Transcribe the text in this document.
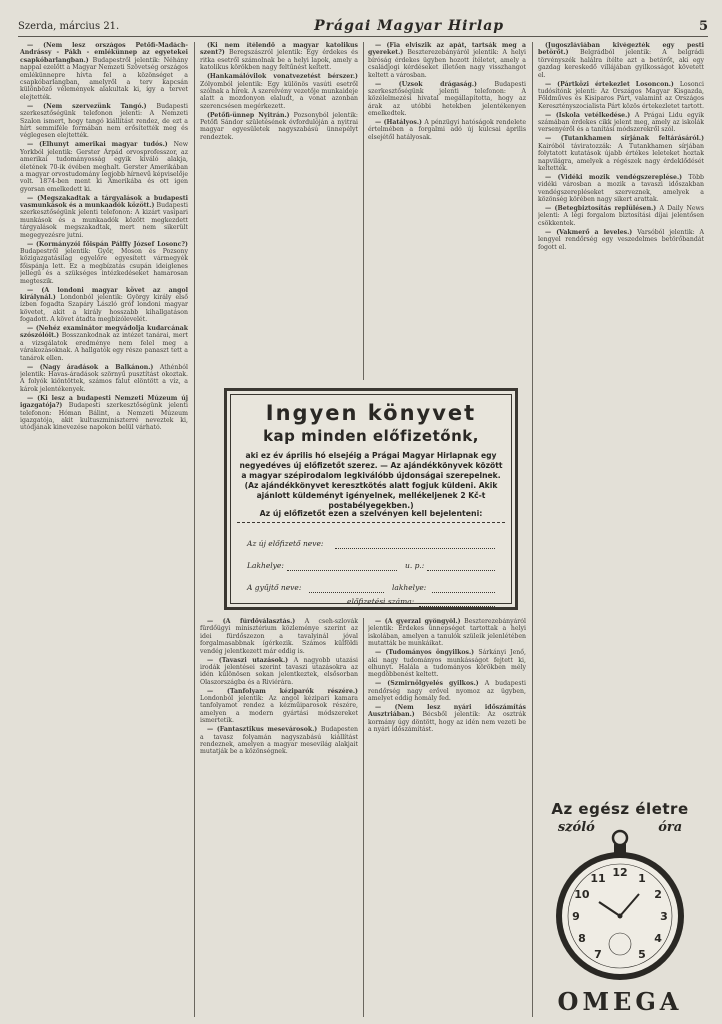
Szerda, március 21.	Prágai Magyar Hirlap	5

— (Nem lesz országos Petőfi-Madách-Andrássy - Pákh - emlékünnep az egyetekei csapkóbarlangban.) Budapestről jelentik: Néhány nappal ezelőtt a Magyar Nemzeti Szövetség országos emlékünnepre hívta fel a közönséget a csapkóbarlangban, amelyről a terv kapcsán különböző vélemények alakultak ki, így a tervet elejtették.

— (Nem szervezünk Tangó.) Budapesti szerkesztőségünk telefonon jelenti: A Nemzeti Szalon ismert, hogy tangó kiállítást rendez, de ezt a hírt semmiféle formában nem erősítették meg és véglegesen elejtették.

— (Elhunyt amerikai magyar tudós.) New Yorkból jelentik: Gerster Árpád orvosprofesszor, az amerikai tudományosság egyik kiváló alakja, életének 70-ik évében meghalt. Gerster Amerikában a magyar orvostudomány legjobb hírnevű képviselője volt. 1874-ben ment ki Amerikába és ott igen gyorsan emelkedett ki.

— (Megszakadtak a tárgyalások a budapesti vasmunkások és a munkaadók között.) Budapesti szerkesztőségünk jelenti telefonon: A kizárt vasipari munkások és a munkaadók között megkezdett tárgyalások megszakadtak, mert nem sikerült megegyezésre jutni.

— (Kormányzói főispán Pálffy József Losonc?) Budapestről jelentik: Győr, Moson és Pozsony közigazgatásilag egyelőre egyesített vármegyék főispánja lett. Ez a megbízatás csupán ideiglenes jellegű és a szükséges intézkedéseket hamarosan megteszik.

— (A londoni magyar követ az angol királynál.) Londonból jelentik: György király első ízben fogadta Szapáry László gróf londoni magyar követet, akit a király hosszabb kihallgatáson fogadott. A követ átadta megbízólevelét.

— (Nehéz examinátor megvádolja kudarcának szószólóit.) Bosszankodnak az intézet tanárai, mert a vizsgálatok eredménye nem felel meg a várakozásoknak. A hallgatók egy része panaszt tett a tanárok ellen.

— (Nagy áradások a Balkánon.) Athénból jelentik: Havas-áradások szörnyű pusztítást okoztak. A folyók kiöntöttek, számos falut elöntött a víz, a károk jelentékenyek.

— (Ki lesz a budapesti Nemzeti Múzeum új igazgatója?) Budapesti szerkesztőségünk jelenti telefonon: Hóman Bálint, a Nemzeti Múzeum igazgatója, akit kultuszminiszterré neveztek ki, utódjának kinevezése napokon belül várható.

(Ki nem ítélendő a magyar katolikus szent?) Beregszászról jelentik: Egy érdekes és ritka esetről számolnak be a helyi lapok, amely a katolikus körökben nagy feltűnést keltett.

(Hankamálóvilok vonatvezetést bérszer.) Zólyomból jelentik: Egy különös vasúti esetről szólnak a hírek. A szerelvény vezetője munkaideje alatt a mozdonyon elaludt, a vonat azonban szerencsésen megérkezett.

(Petőfi-ünnep Nyitrán.) Pozsonyból jelentik: Petőfi Sándor születésének évfordulóján a nyitrai magyar egyesületek nagyszabású ünnepélyt rendeztek.

— (Fia elviszik az apát, tartsák meg a gyereket.) Beszterezebányáról jelentik: A helyi bíróság érdekes ügyben hozott ítéletet, amely a családjogi kérdéseket illetően nagy visszhangot keltett a városban.

— (Uzsok drágaság.) Budapesti szerkesztőségünk jelenti telefonon: A közélelmezési hivatal megállapította, hogy az árak az utóbbi hetekben jelentékenyen emelkedtek.

— (Hatályos.) A pénzügyi hatóságok rendelete értelmében a forgalmi adó új kulcsai április elsejétől hatályosak.

(Jugoszláviában kivégezték egy pesti betörőt.) Belgrádból jelentik: A belgrádi törvényszék halálra ítélte azt a betörőt, aki egy gazdag kereskedő villájában gyilkosságot követett el.

— (Pártközi értekezlet Losoncon.) Losonci tudósítónk jelenti: Az Országos Magyar Kisgazda, Földműves és Kisiparos Párt, valamint az Országos Keresztényszocialista Párt közös értekezletet tartott.

— (Iskola vetélkedése.) A Prágai Lidu egyik számában érdekes cikk jelent meg, amely az iskolák versenyéről és a tanítási módszerekről szól.

— (Tutankhamen sírjának feltárásáról.) Kairóból táviratozzák: A Tutankhamen sírjában folytatott kutatások újabb értékes leleteket hoztak napvilágra, amelyek a régészek nagy érdeklődését keltették.

— (Vidéki mozik vendégszereplése.) Több vidéki városban a mozik a tavaszi időszakban vendégszerepléseket szerveznek, amelyek a közönség körében nagy sikert arattak.

— (Betegbiztosítás replülésen.) A Daily News jelenti: A légi forgalom biztosítási díjai jelentősen csökkentek.

— (Vakmerő a leveles.) Varsóból jelentik: A lengyel rendőrség egy veszedelmes betörőbandát fogott el.

— (A fürdőválasztás.) A cseh-szlovák fürdőügyi minisztérium közleménye szerint az idei fürdőszezon a tavalyinál jóval forgalmasabbnak ígérkezik. Számos külföldi vendég jelentkezett már eddig is.

— (Tavaszi utazások.) A nagyobb utazási irodák jelentései szerint tavaszi utazásokra az idén különösen sokan jelentkeztek, elsősorban Olaszországba és a Riviérára.

— (Tanfolyam kéziparók részére.) Londonból jelentik: Az angol kézipari kamara tanfolyamot rendez a kézműiparosok részére, amelyen a modern gyártási módszereket ismertetik.

— (Fantasztikus mesevárosok.) Budapesten a tavasz folyamán nagyszabású kiállítást rendeznek, amelyen a magyar mesevilág alakjait mutatják be a közönségnek.

— (A gyerzal gyöngyöl.) Beszterezebányáról jelentik: Érdekes ünnepséget tartottak a helyi iskolában, amelyen a tanulók szüleik jelenlétében mutatták be munkáikat.

— (Tudományos öngyilkos.) Sárkányi Jenő, aki nagy tudományos munkásságot fejtett ki, elhunyt. Halála a tudományos körökben mély megdöbbenést keltett.

— (Szmirnölgyelés gyilkos.) A budapesti rendőrség nagy erővel nyomoz az ügyben, amelyet eddig homály fed.

— (Nem lesz nyári időszámítás Ausztriában.) Bécsből jelentik: Az osztrák kormány úgy döntött, hogy az idén nem vezeti be a nyári időszámítást.

Ingyen könyvet
kap minden előfizetőnk,
aki ez év április hó elsejéig a Prágai Magyar Hirlapnak egy negyedéves új előfizetőt szerez. — Az ajándékkönyvek között a magyar szépirodalom legkiválóbb újdonságai szerepelnek. (Az ajándékkönyvet keresztkötés alatt fogjuk küldeni. Akik ajánlott küldeményt igényelnek, mellékeljenek 2 Kč-t postabélyegekben.)
Az új előfizetőt ezen a szelvényen kell bejelenteni:
Az új előfizető neve:
Lakhelye:	u. p.:
A gyűjtő neve:	lakhelye:
előfizetési száma:
Az egész életre
szóló	óra
1
2
3
4
5
7
8
9
10
11 12
OMEGA
